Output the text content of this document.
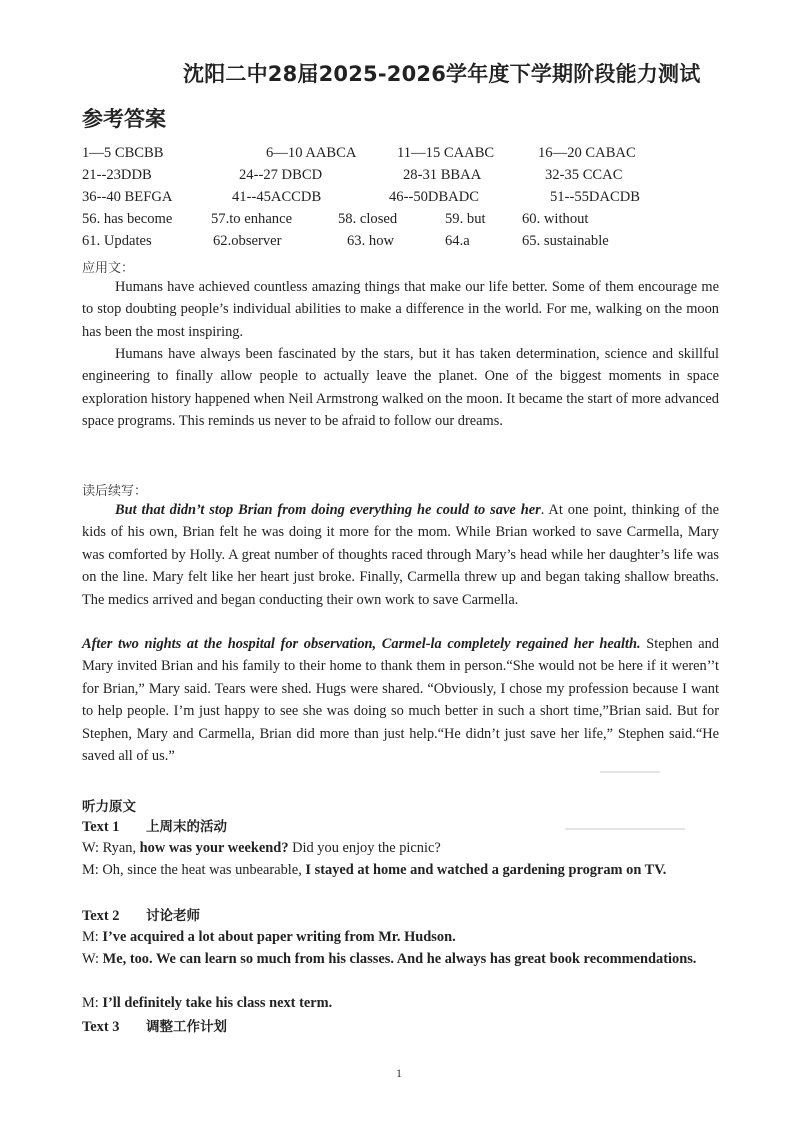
沈阳二中28届2025-2026学年度下学期阶段能力测试
参考答案
1—5 CBCBB	6—10 AABCA	11—15 CAABC	16—20 CABAC
21--23DDB	24--27 DBCD	28-31 BBAA	32-35 CCAC
36--40 BEFGA	41--45ACCDB	46--50DBADC	51--55DACDB
56. has become	57.to enhance	58. closed	59. but 60. without
61. Updates	62.observer	63. how	64.a	65. sustainable
应用文：
Humans have achieved countless amazing things that make our life better. Some of them encourage me to stop doubting people’s individual abilities to make a difference in the world. For me, walking on the moon has been the most inspiring.
Humans have always been fascinated by the stars, but it has taken determination, science and skillful engineering to finally allow people to actually leave the planet. One of the biggest moments in space exploration history happened when Neil Armstrong walked on the moon. It became the start of more advanced space programs. This reminds us never to be afraid to follow our dreams.
读后续写：
But that didn’t stop Brian from doing everything he could to save her. At one point, thinking of the kids of his own, Brian felt he was doing it more for the mom. While Brian worked to save Carmella, Mary was comforted by Holly. A great number of thoughts raced through Mary’s head while her daughter’s life was on the line. Mary felt like her heart just broke. Finally, Carmella threw up and began taking shallow breaths. The medics arrived and began conducting their own work to save Carmella.
After two nights at the hospital for observation, Carmel-la completely regained her health. Stephen and Mary invited Brian and his family to their home to thank them in person.“She would not be here if it weren’’t for Brian,” Mary said. Tears were shed. Hugs were shared. “Obviously, I chose my profession because I want to help people. I’m just happy to see she was doing so much better in such a short time,”Brian said. But for Stephen, Mary and Carmella, Brian did more than just help.“He didn’t just save her life,” Stephen said.“He saved all of us.”
听力原文
Text 1 上周末的活动
W: Ryan, how was your weekend? Did you enjoy the picnic?
M: Oh, since the heat was unbearable, I stayed at home and watched a gardening program on TV.
Text 2 讨论老师
M: I’ve acquired a lot about paper writing from Mr. Hudson.
W: Me, too. We can learn so much from his classes. And he always has great book recommendations.
M: I’ll definitely take his class next term.
Text 3 调整工作计划
1
